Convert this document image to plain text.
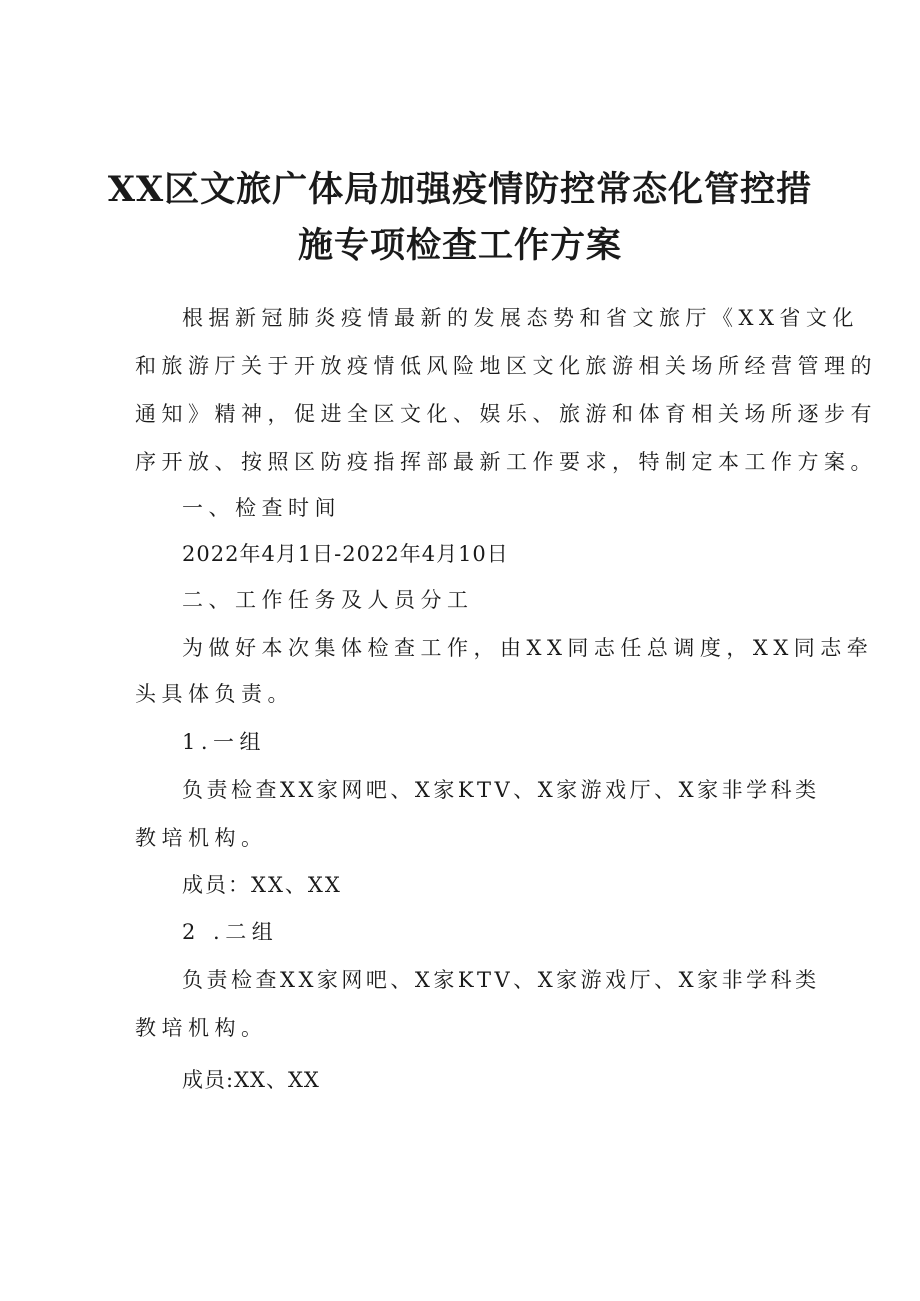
XX区文旅广体局加强疫情防控常态化管控措
施专项检查工作方案
根据新冠肺炎疫情最新的发展态势和省文旅厅《XX省文化
和旅游厅关于开放疫情低风险地区文化旅游相关场所经营管理的
通知》精神，促进全区文化、娱乐、旅游和体育相关场所逐步有
序开放、按照区防疫指挥部最新工作要求，特制定本工作方案。
一、检查时间
2022年4月1日-2022年4月10日
二、工作任务及人员分工
为做好本次集体检查工作，由XX同志任总调度，XX同志牵
头具体负责。
1.一组
负责检查XX家网吧、X家KTV、X家游戏厅、X家非学科类
教培机构。
成员：XX、XX
2 .二组
负责检查XX家网吧、X家KTV、X家游戏厅、X家非学科类
教培机构。
成员:XX、XX
